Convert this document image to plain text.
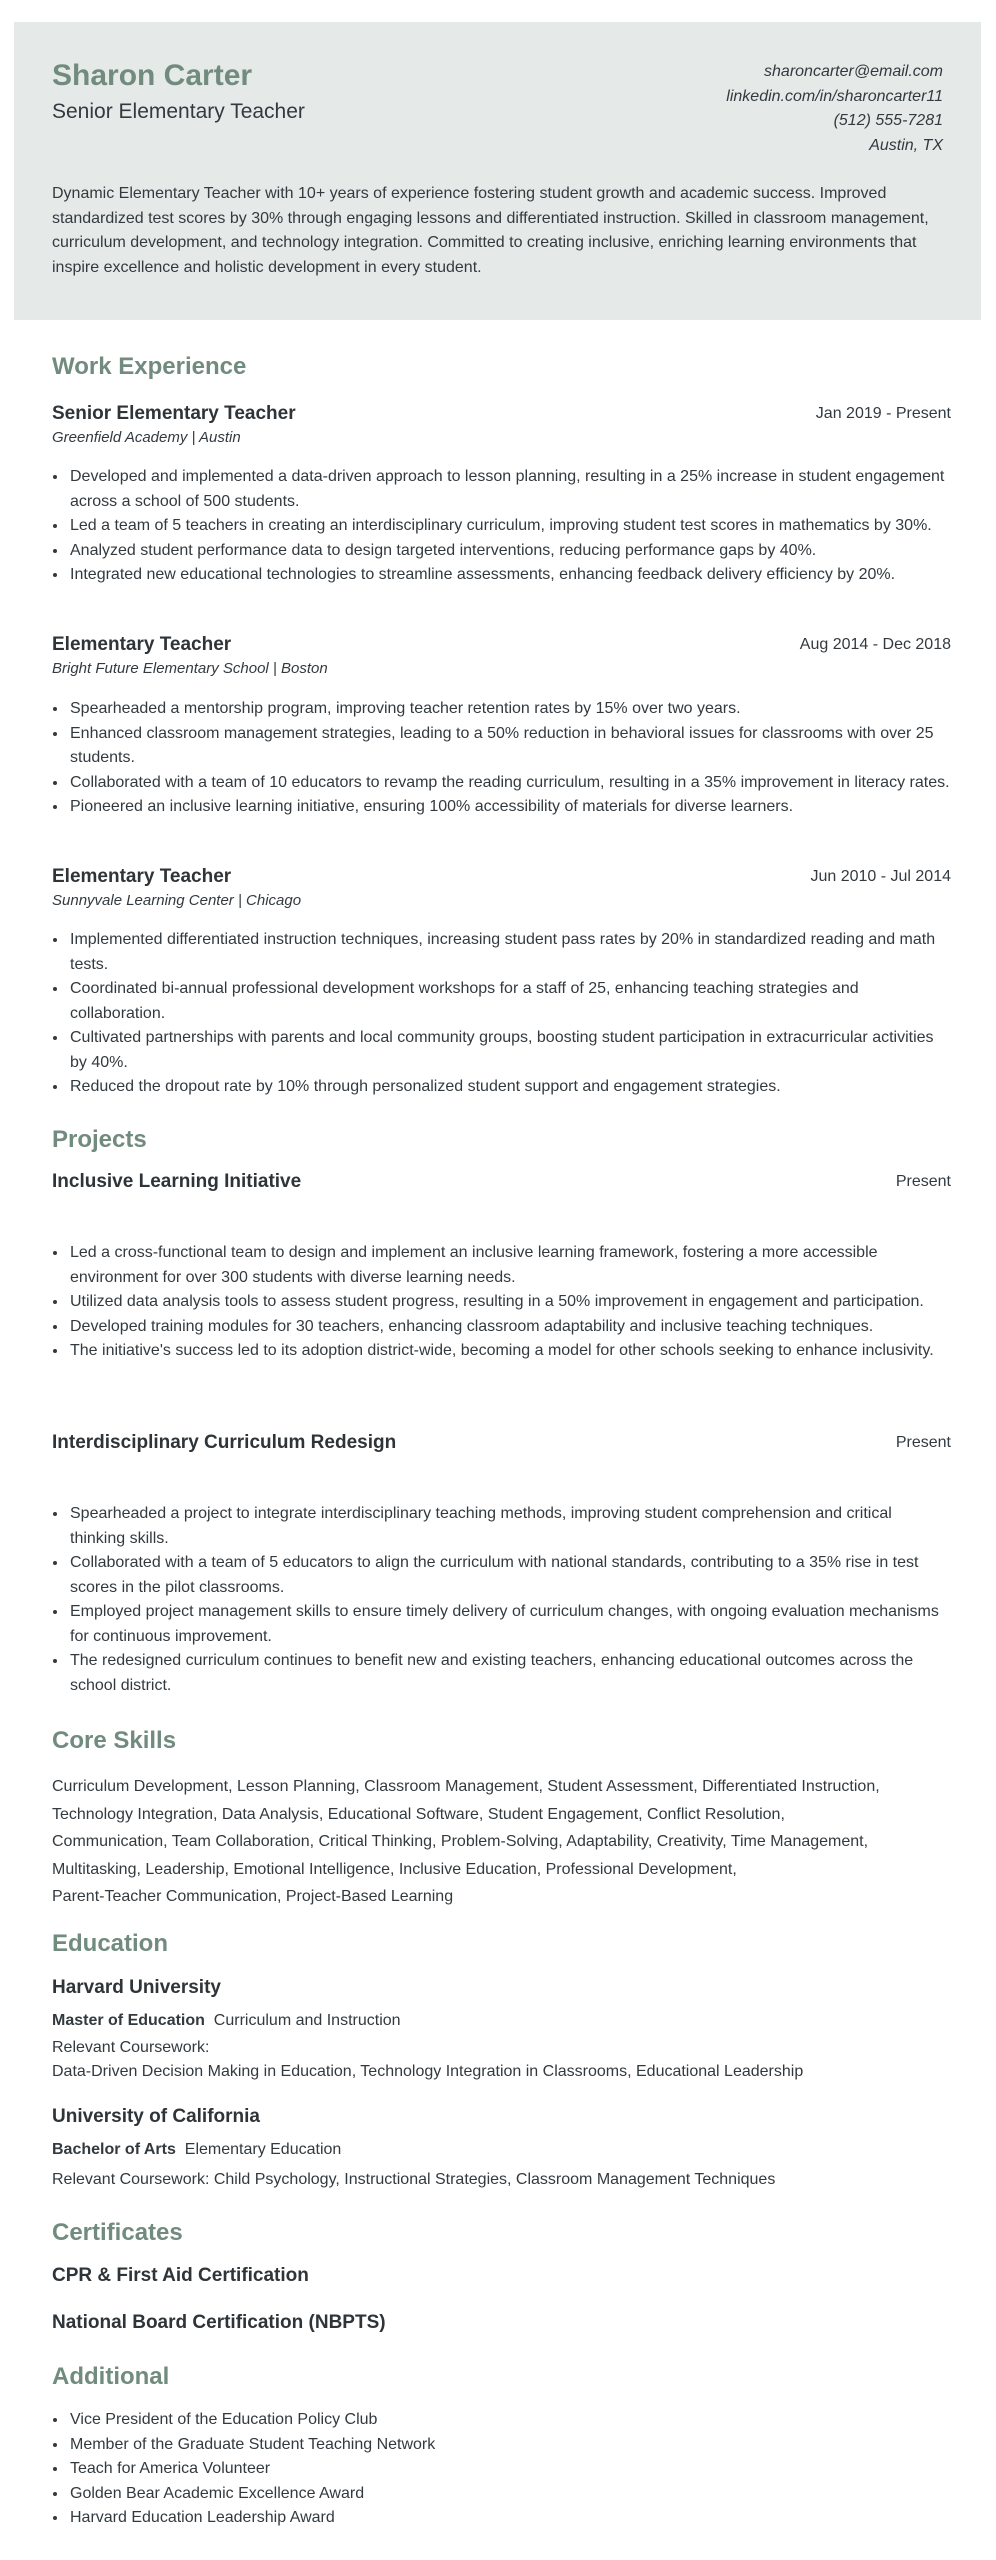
Sharon Carter
Senior Elementary Teacher
sharoncarter@email.com
linkedin.com/in/sharoncarter11
(512) 555-7281
Austin, TX
Dynamic Elementary Teacher with 10+ years of experience fostering student growth and academic success. Improved standardized test scores by 30% through engaging lessons and differentiated instruction. Skilled in classroom management, curriculum development, and technology integration. Committed to creating inclusive, enriching learning environments that inspire excellence and holistic development in every student.
Work Experience
Senior Elementary Teacher	Jan 2019 - Present
Greenfield Academy | Austin
• Developed and implemented a data-driven approach to lesson planning, resulting in a 25% increase in student engagement across a school of 500 students.
• Led a team of 5 teachers in creating an interdisciplinary curriculum, improving student test scores in mathematics by 30%.
• Analyzed student performance data to design targeted interventions, reducing performance gaps by 40%.
• Integrated new educational technologies to streamline assessments, enhancing feedback delivery efficiency by 20%.
Elementary Teacher	Aug 2014 - Dec 2018
Bright Future Elementary School | Boston
• Spearheaded a mentorship program, improving teacher retention rates by 15% over two years.
• Enhanced classroom management strategies, leading to a 50% reduction in behavioral issues for classrooms with over 25 students.
• Collaborated with a team of 10 educators to revamp the reading curriculum, resulting in a 35% improvement in literacy rates.
• Pioneered an inclusive learning initiative, ensuring 100% accessibility of materials for diverse learners.
Elementary Teacher	Jun 2010 - Jul 2014
Sunnyvale Learning Center | Chicago
• Implemented differentiated instruction techniques, increasing student pass rates by 20% in standardized reading and math tests.
• Coordinated bi-annual professional development workshops for a staff of 25, enhancing teaching strategies and collaboration.
• Cultivated partnerships with parents and local community groups, boosting student participation in extracurricular activities by 40%.
• Reduced the dropout rate by 10% through personalized student support and engagement strategies.
Projects
Inclusive Learning Initiative	Present
• Led a cross-functional team to design and implement an inclusive learning framework, fostering a more accessible environment for over 300 students with diverse learning needs.
• Utilized data analysis tools to assess student progress, resulting in a 50% improvement in engagement and participation.
• Developed training modules for 30 teachers, enhancing classroom adaptability and inclusive teaching techniques.
• The initiative's success led to its adoption district-wide, becoming a model for other schools seeking to enhance inclusivity.
Interdisciplinary Curriculum Redesign	Present
• Spearheaded a project to integrate interdisciplinary teaching methods, improving student comprehension and critical thinking skills.
• Collaborated with a team of 5 educators to align the curriculum with national standards, contributing to a 35% rise in test scores in the pilot classrooms.
• Employed project management skills to ensure timely delivery of curriculum changes, with ongoing evaluation mechanisms for continuous improvement.
• The redesigned curriculum continues to benefit new and existing teachers, enhancing educational outcomes across the school district.
Core Skills
Curriculum Development, Lesson Planning, Classroom Management, Student Assessment, Differentiated Instruction,
Technology Integration, Data Analysis, Educational Software, Student Engagement, Conflict Resolution,
Communication, Team Collaboration, Critical Thinking, Problem-Solving, Adaptability, Creativity, Time Management,
Multitasking, Leadership, Emotional Intelligence, Inclusive Education, Professional Development,
Parent-Teacher Communication, Project-Based Learning
Education
Harvard University
Master of Education Curriculum and Instruction
Relevant Coursework:
Data-Driven Decision Making in Education, Technology Integration in Classrooms, Educational Leadership
University of California
Bachelor of Arts Elementary Education
Relevant Coursework: Child Psychology, Instructional Strategies, Classroom Management Techniques
Certificates
CPR & First Aid Certification
National Board Certification (NBPTS)
Additional
• Vice President of the Education Policy Club
• Member of the Graduate Student Teaching Network
• Teach for America Volunteer
• Golden Bear Academic Excellence Award
• Harvard Education Leadership Award
